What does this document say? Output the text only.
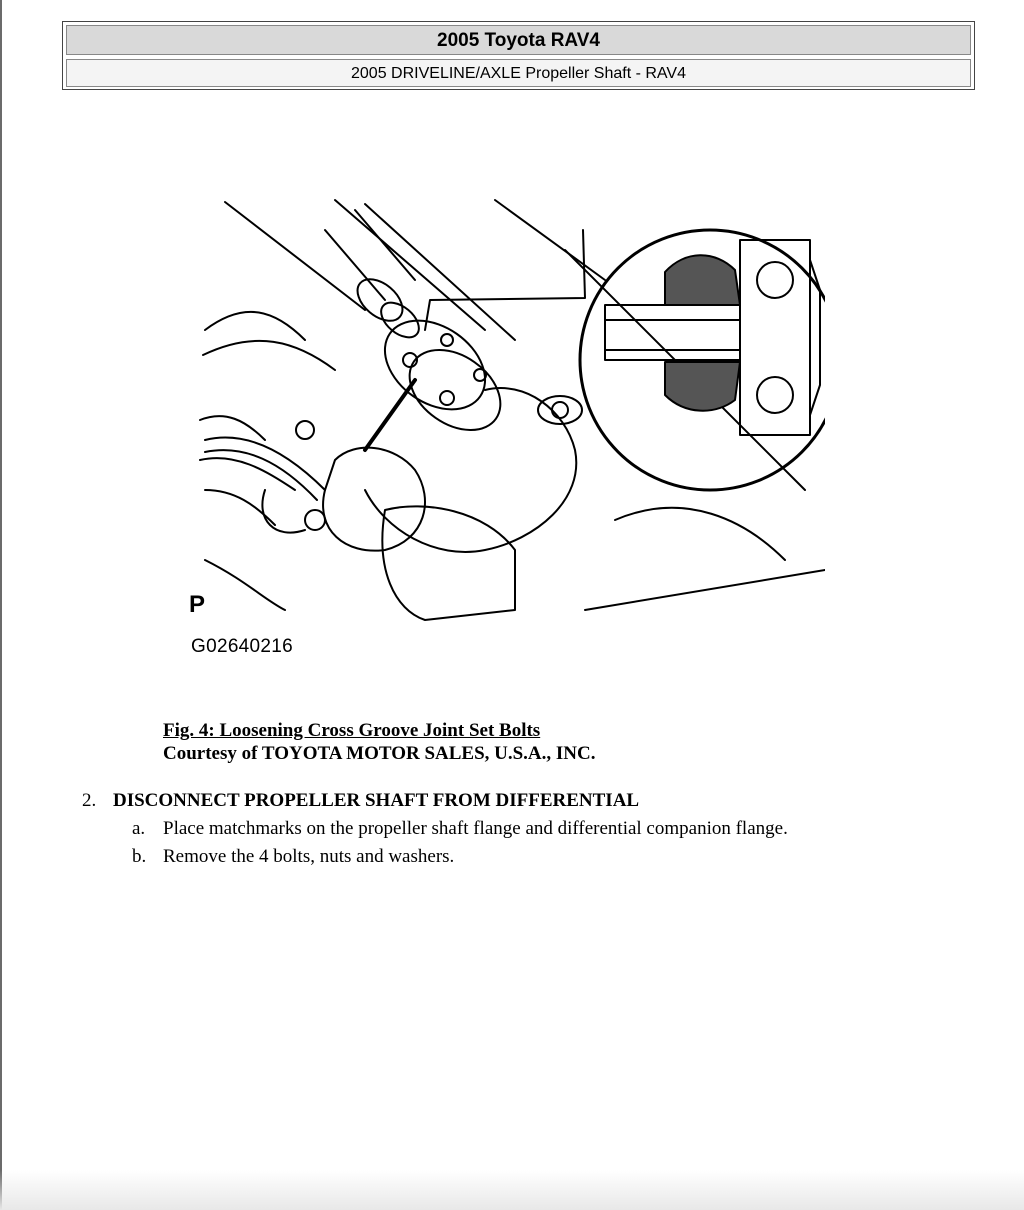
2005 Toyota RAV4
2005 DRIVELINE/AXLE Propeller Shaft - RAV4
P
G02640216
Fig. 4: Loosening Cross Groove Joint Set Bolts
Courtesy of TOYOTA MOTOR SALES, U.S.A., INC.
2. DISCONNECT PROPELLER SHAFT FROM DIFFERENTIAL
a. Place matchmarks on the propeller shaft flange and differential companion flange.
b. Remove the 4 bolts, nuts and washers.
